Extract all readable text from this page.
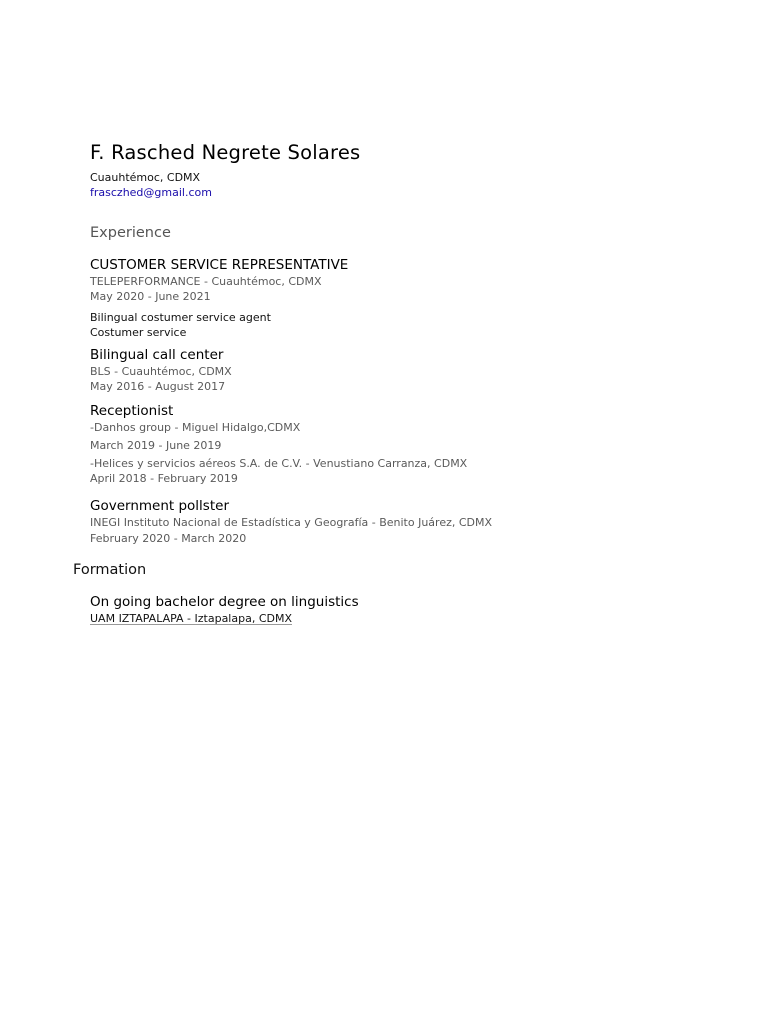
F. Rasched Negrete Solares
Cuauhtémoc, CDMX
frasczhed@gmail.com
Experience
CUSTOMER SERVICE REPRESENTATIVE
TELEPERFORMANCE - Cuauhtémoc, CDMX
May 2020 - June 2021
Bilingual costumer service agent
Costumer service
Bilingual call center
BLS - Cuauhtémoc, CDMX
May 2016 - August 2017
Receptionist
-Danhos group - Miguel Hidalgo,CDMX
March 2019 - June 2019
-Helices y servicios aéreos S.A. de C.V. - Venustiano Carranza, CDMX
April 2018 - February 2019
Government pollster
INEGI Instituto Nacional de Estadística y Geografía - Benito Juárez, CDMX
February 2020 - March 2020
Formation
On going bachelor degree on linguistics
UAM IZTAPALAPA - Iztapalapa, CDMX
